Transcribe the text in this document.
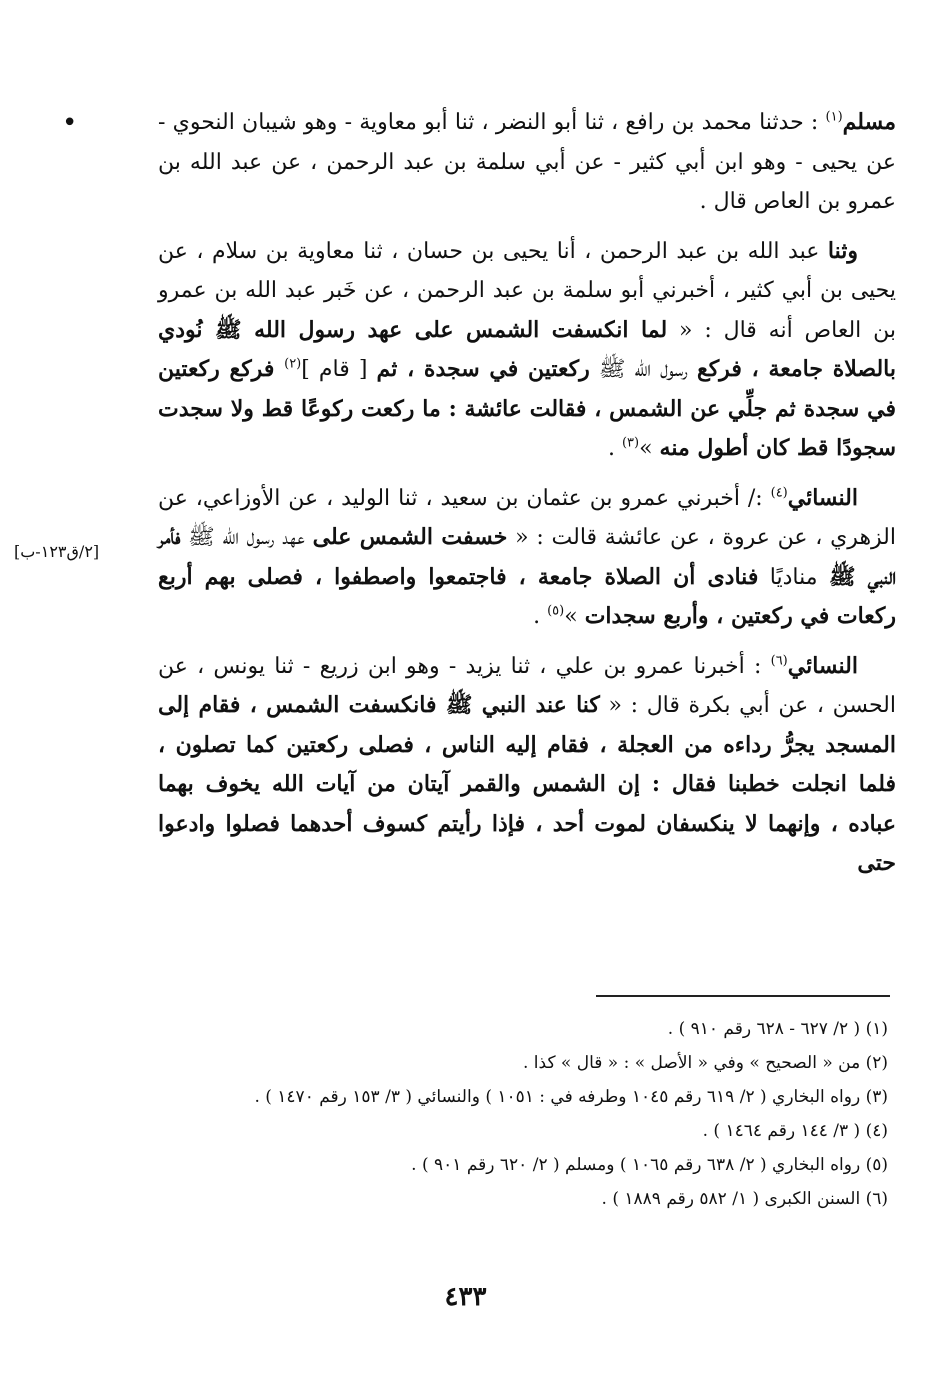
•
[٢/ق١٢٣-ب]

مسلم$^{(١)}$ : حدثنا محمد بن رافع ، ثنا أبو النضر ، ثنا أبو معاوية - وهو شيبان النحوي - عن يحيى - وهو ابن أبي كثير - عن أبي سلمة بن عبد الرحمن ، عن عبد الله بن عمرو بن العاص قال .

وثنا عبد الله بن عبد الرحمن ، أنا يحيى بن حسان ، ثنا معاوية بن سلام ، عن يحيى بن أبي كثير ، أخبرني أبو سلمة بن عبد الرحمن ، عن خَبر عبد الله بن عمرو بن العاص أنه قال : « لما انكسفت الشمس على عهد رسول الله ﷺ نُودي بالصلاة جامعة ، فركع رسول الله ﷺ ركعتين في سجدة ، ثم [ قام ]$^{(٢)}$ فركع ركعتين في سجدة ثم جلِّي عن الشمس ، فقالت عائشة : ما ركعت ركوعًا قط ولا سجدت سجودًا قط كان أطول منه »$^{(٣)}$ .

النسائي$^{(٤)}$ :/ أخبرني عمرو بن عثمان بن سعيد ، ثنا الوليد ، عن الأوزاعي، عن الزهري ، عن عروة ، عن عائشة قالت : « خسفت الشمس على عهد رسول الله ﷺ فأمر النبي ﷺ مناديًا فنادى أن الصلاة جامعة ، فاجتمعوا واصطفوا ، فصلى بهم أربع ركعات في ركعتين ، وأربع سجدات »$^{(٥)}$ .

النسائي$^{(٦)}$ : أخبرنا عمرو بن علي ، ثنا يزيد - وهو ابن زريع - ثنا يونس ، عن الحسن ، عن أبي بكرة قال : « كنا عند النبي ﷺ فانكسفت الشمس ، فقام إلى المسجد يجرُّ رداءه من العجلة ، فقام إليه الناس ، فصلى ركعتين كما تصلون ، فلما انجلت خطبنا فقال : إن الشمس والقمر آيتان من آيات الله يخوف بهما عباده ، وإنهما لا ينكسفان لموت أحد ، فإذا رأيتم كسوف أحدهما فصلوا وادعوا حتى

(١) ( ٢/ ٦٢٧ - ٦٢٨ رقم ٩١٠ ) .

(٢) من « الصحيح » وفي « الأصل » : « قال » كذا .

(٣) رواه البخاري ( ٢/ ٦١٩ رقم ١٠٤٥ وطرفه في : ١٠٥١ ) والنسائي ( ٣/ ١٥٣ رقم ١٤٧٠ ) .

(٤) ( ٣/ ١٤٤ رقم ١٤٦٤ ) .

(٥) رواه البخاري ( ٢/ ٦٣٨ رقم ١٠٦٥ ) ومسلم ( ٢/ ٦٢٠ رقم ٩٠١ ) .

(٦) السنن الكبرى ( ١/ ٥٨٢ رقم ١٨٨٩ ) .

٤٣٣
